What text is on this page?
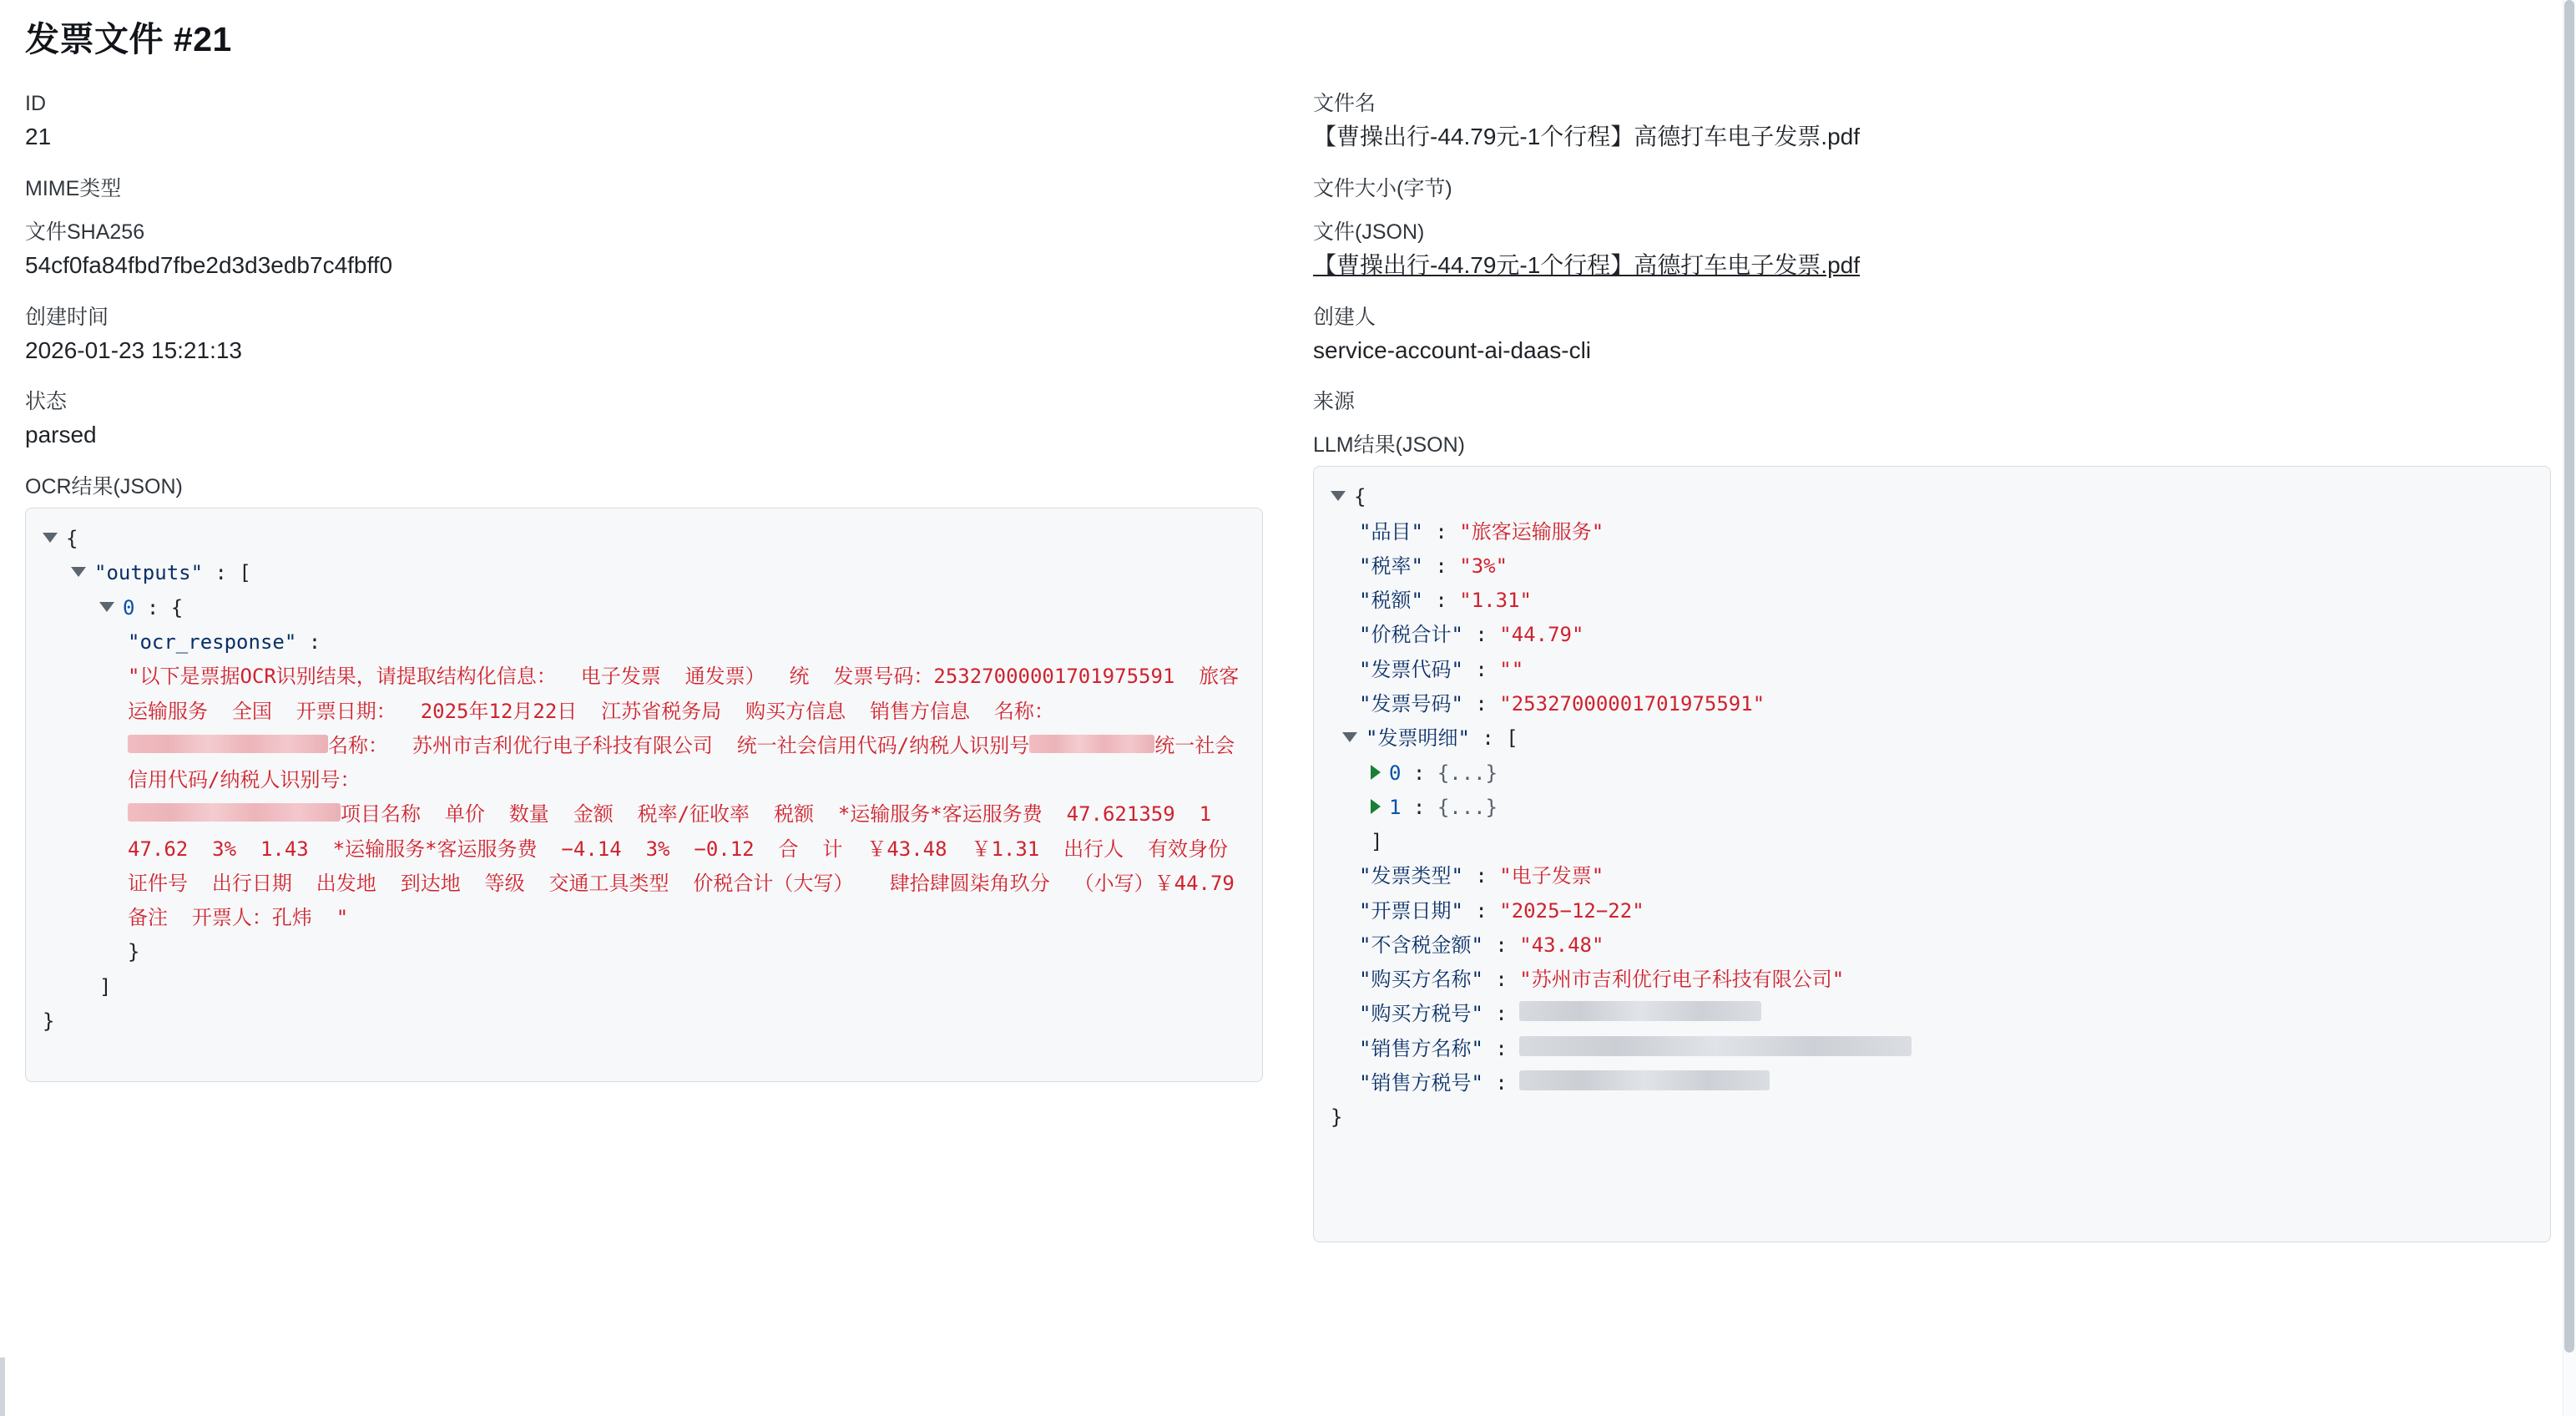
发票文件 #21
ID
21
MIME类型
文件SHA256
54cf0fa84fbd7fbe2d3d3edb7c4fbff0
创建时间
2026-01-23 15:21:13
状态
parsed
OCR结果(JSON)
{
"outputs" : [
0 : {
"ocr_response" :
"以下是票据OCR识别结果，请提取结构化信息：  电子发票  通发票）  统  发票号码：25327000001701975591  旅客运输服务  全国  开票日期：  2025年12月22日  江苏省税务局  购买方信息  销售方信息  名称：名称：  苏州市吉利优行电子科技有限公司  统一社会信用代码/纳税人识别号	统一社会信用代码/纳税人识别号：
项目名称  单价  数量  金额  税率/征收率  税额  *运输服务*客运服务费  47.621359  1  47.62  3%  1.43  *运输服务*客运服务费  −4.14  3%  −0.12  合  计  ￥43.48  ￥1.31  出行人  有效身份证件号  出行日期  出发地  到达地  等级  交通工具类型  价税合计（大写）   肆拾肆圆柒角玖分  （小写）￥44.79  备注  开票人：孔炜  "
}
]
}
文件名
【曹操出行-44.79元-1个行程】高德打车电子发票.pdf
文件大小(字节)
文件(JSON)
【曹操出行-44.79元-1个行程】高德打车电子发票.pdf
创建人
service-account-ai-daas-cli
来源
LLM结果(JSON)
{
"品目" : "旅客运输服务"
"税率" : "3%"
"税额" : "1.31"
"价税合计" : "44.79"
"发票代码" : ""
"发票号码" : "25327000001701975591"
"发票明细" : [
0 : {...}
1 : {...}
]
"发票类型" : "电子发票"
"开票日期" : "2025−12−22"
"不含税金额" : "43.48"
"购买方名称" : "苏州市吉利优行电子科技有限公司"
"购买方税号" :
"销售方名称" :
"销售方税号" :
}
